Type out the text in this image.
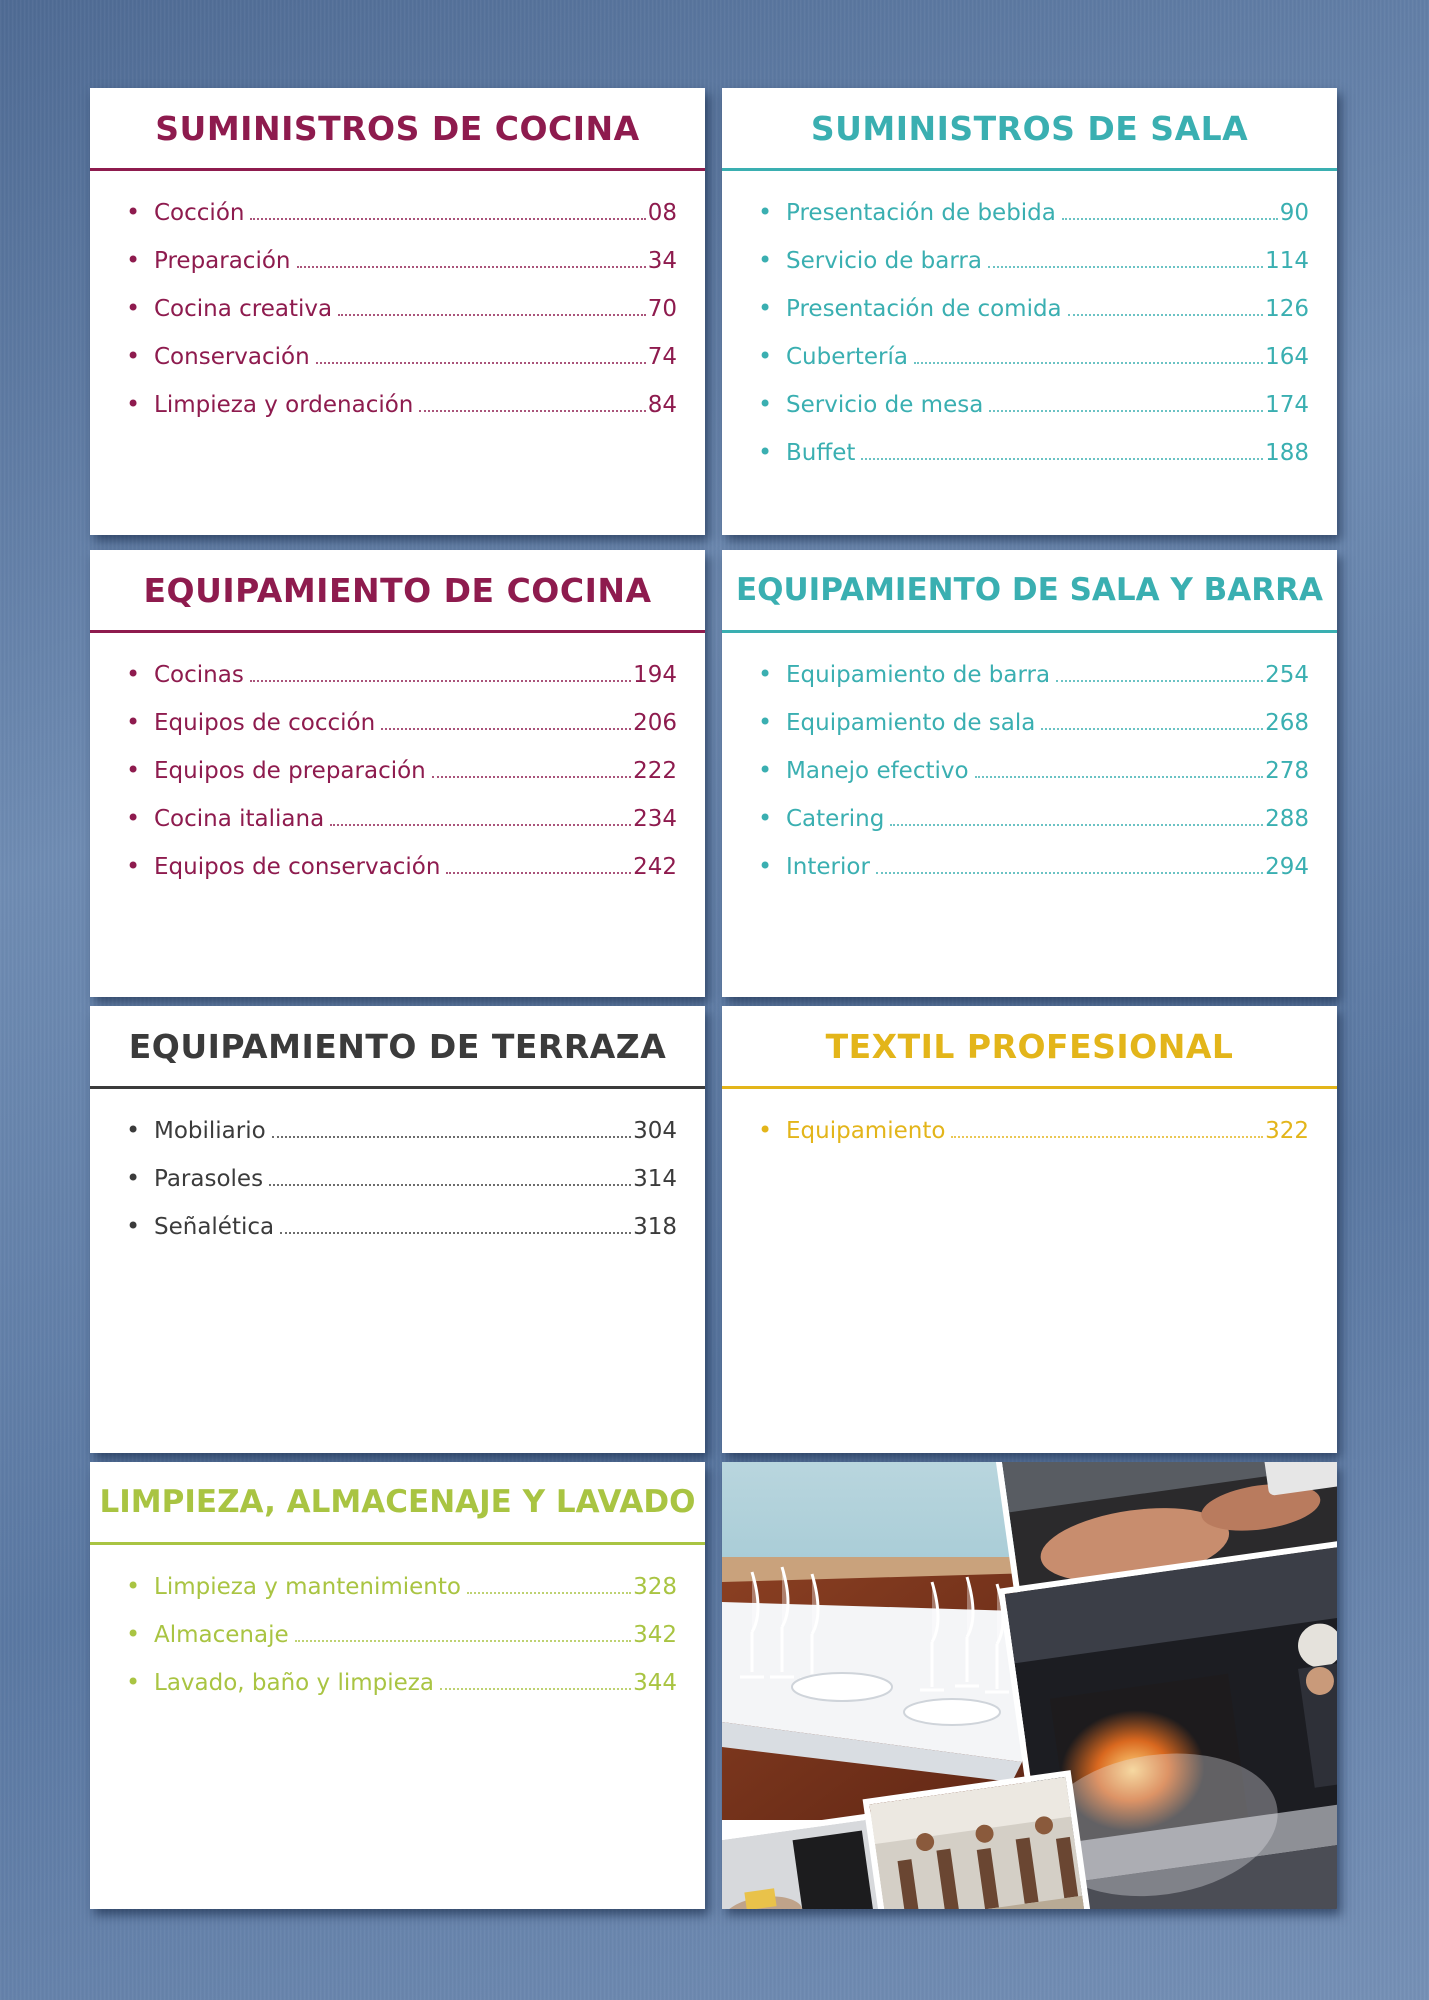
SUMINISTROS DE COCINA
• Cocción	08
• Preparación	34
• Cocina creativa	70
• Conservación	74
• Limpieza y ordenación	84
SUMINISTROS DE SALA
• Presentación de bebida	90
• Servicio de barra	114
• Presentación de comida	126
• Cubertería	164
• Servicio de mesa	174
• Buffet	188
EQUIPAMIENTO DE COCINA
• Cocinas	194
• Equipos de cocción	206
• Equipos de preparación	222
• Cocina italiana	234
• Equipos de conservación	242
EQUIPAMIENTO DE SALA Y BARRA
• Equipamiento de barra	254
• Equipamiento de sala	268
• Manejo efectivo	278
• Catering	288
• Interior	294
EQUIPAMIENTO DE TERRAZA
• Mobiliario	304
• Parasoles	314
• Señalética	318
TEXTIL PROFESIONAL
• Equipamiento	322
LIMPIEZA, ALMACENAJE Y LAVADO
• Limpieza y mantenimiento	328
• Almacenaje	342
• Lavado, baño y limpieza	344
